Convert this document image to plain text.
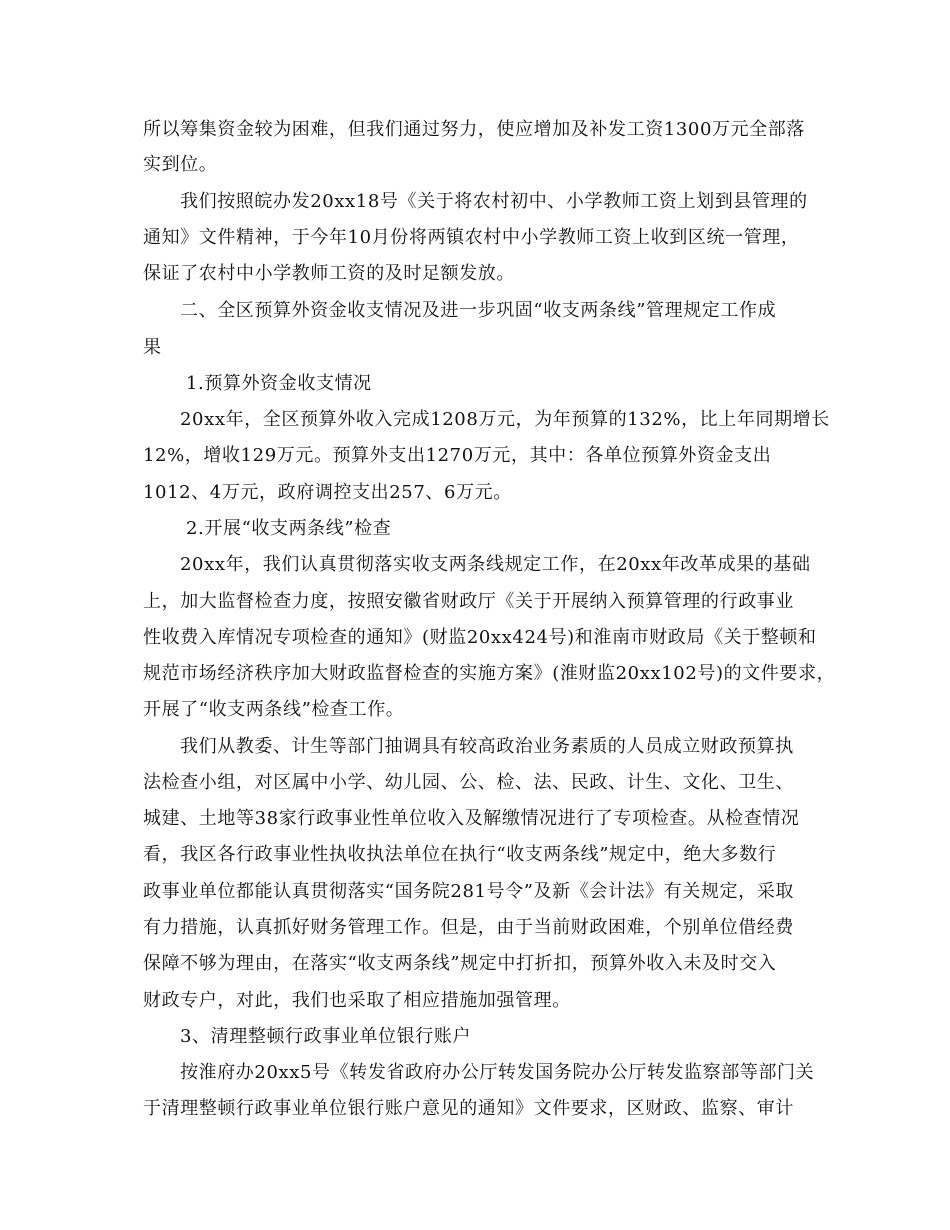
所以筹集资金较为困难，但我们通过努力，使应增加及补发工资1300万元全部落
实到位。
我们按照皖办发20xx18号《关于将农村初中、小学教师工资上划到县管理的
通知》文件精神，于今年10月份将两镇农村中小学教师工资上收到区统一管理，
保证了农村中小学教师工资的及时足额发放。
二、全区预算外资金收支情况及进一步巩固“收支两条线”管理规定工作成
果
1.预算外资金收支情况
20xx年，全区预算外收入完成1208万元，为年预算的132%，比上年同期增长
12%，增收129万元。预算外支出1270万元，其中：各单位预算外资金支出
1012、4万元，政府调控支出257、6万元。
2.开展“收支两条线”检查
20xx年，我们认真贯彻落实收支两条线规定工作，在20xx年改革成果的基础
上，加大监督检查力度，按照安徽省财政厅《关于开展纳入预算管理的行政事业
性收费入库情况专项检查的通知》(财监20xx424号)和淮南市财政局《关于整顿和
规范市场经济秩序加大财政监督检查的实施方案》(淮财监20xx102号)的文件要求，
开展了“收支两条线”检查工作。
我们从教委、计生等部门抽调具有较高政治业务素质的人员成立财政预算执
法检查小组，对区属中小学、幼儿园、公、检、法、民政、计生、文化、卫生、
城建、土地等38家行政事业性单位收入及解缴情况进行了专项检查。从检查情况
看，我区各行政事业性执收执法单位在执行“收支两条线”规定中，绝大多数行
政事业单位都能认真贯彻落实“国务院281号令”及新《会计法》有关规定，采取
有力措施，认真抓好财务管理工作。但是，由于当前财政困难，个别单位借经费
保障不够为理由，在落实“收支两条线”规定中打折扣，预算外收入未及时交入
财政专户，对此，我们也采取了相应措施加强管理。
3、清理整顿行政事业单位银行账户
按淮府办20xx5号《转发省政府办公厅转发国务院办公厅转发监察部等部门关
于清理整顿行政事业单位银行账户意见的通知》文件要求，区财政、监察、审计
